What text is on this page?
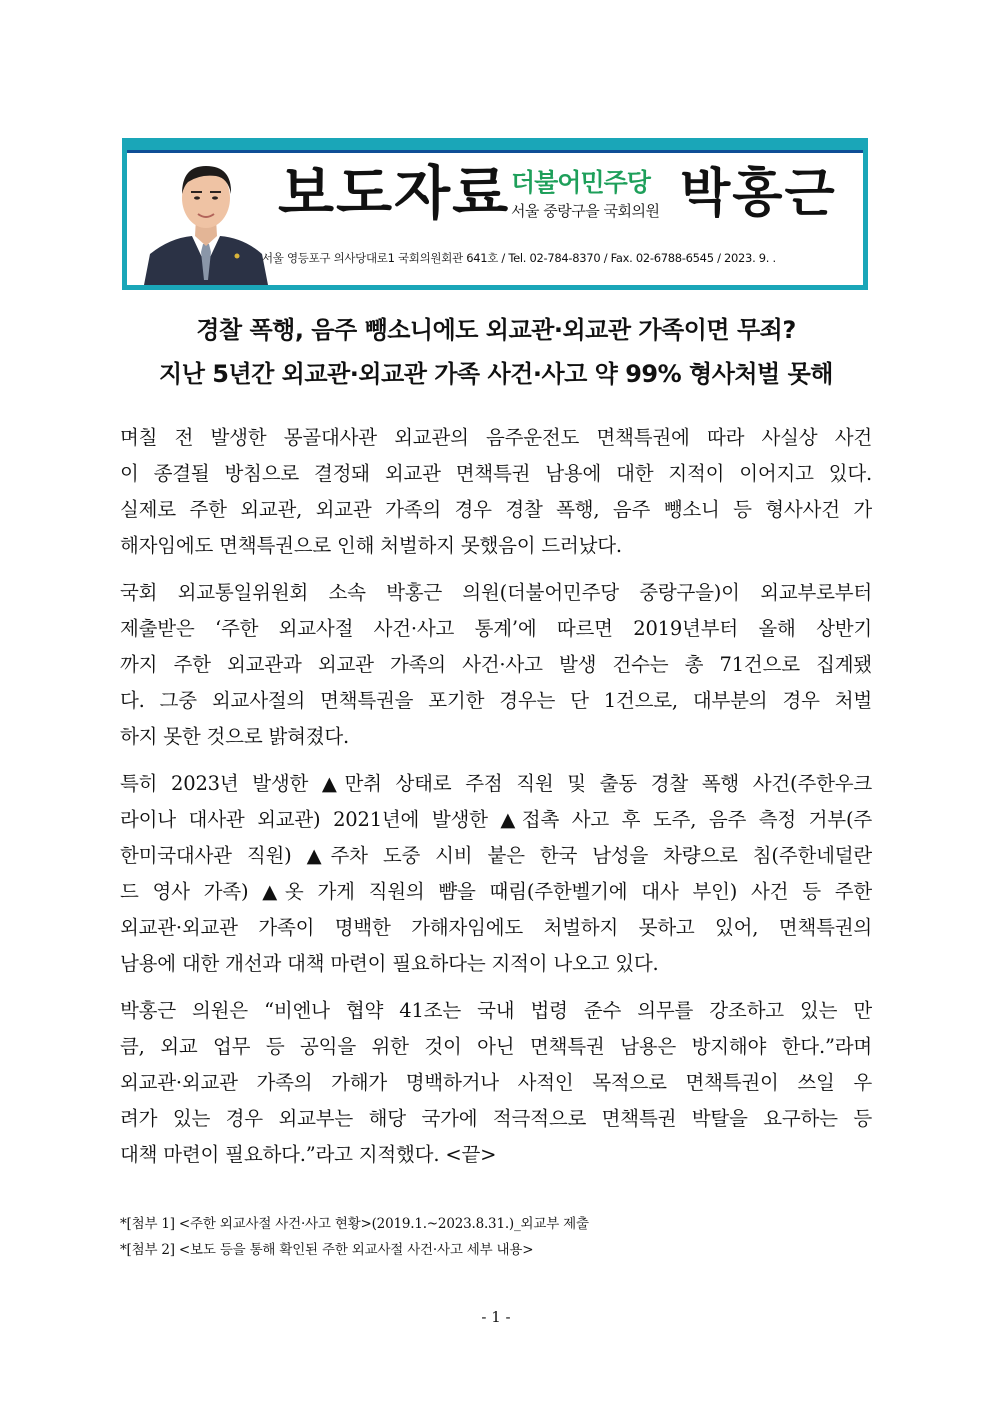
보도자료 더불어민주당
서울 중랑구을 국회의원 박홍근
서울 영등포구 의사당대로1 국회의원회관 641호 / Tel. 02-784-8370 / Fax. 02-6788-6545 / 2023. 9. .
경찰 폭행, 음주 뺑소니에도 외교관·외교관 가족이면 무죄?
지난 5년간 외교관·외교관 가족 사건·사고 약 99% 형사처벌 못해
며칠 전 발생한 몽골대사관 외교관의 음주운전도 면책특권에 따라 사실상 사건
이 종결될 방침으로 결정돼 외교관 면책특권 남용에 대한 지적이 이어지고 있다.
실제로 주한 외교관, 외교관 가족의 경우 경찰 폭행, 음주 뺑소니 등 형사사건 가
해자임에도 면책특권으로 인해 처벌하지 못했음이 드러났다.
국회 외교통일위원회 소속 박홍근 의원(더불어민주당 중랑구을)이 외교부로부터
제출받은 ‘주한 외교사절 사건·사고 통계’에 따르면 2019년부터 올해 상반기
까지 주한 외교관과 외교관 가족의 사건·사고 발생 건수는 총 71건으로 집계됐
다. 그중 외교사절의 면책특권을 포기한 경우는 단 1건으로, 대부분의 경우 처벌
하지 못한 것으로 밝혀졌다.
특히 2023년 발생한 ▲만취 상태로 주점 직원 및 출동 경찰 폭행 사건(주한우크
라이나 대사관 외교관) 2021년에 발생한 ▲접촉 사고 후 도주, 음주 측정 거부(주
한미국대사관 직원) ▲주차 도중 시비 붙은 한국 남성을 차량으로 침(주한네덜란
드 영사 가족) ▲옷 가게 직원의 뺨을 때림(주한벨기에 대사 부인) 사건 등 주한
외교관·외교관 가족이 명백한 가해자임에도 처벌하지 못하고 있어, 면책특권의
남용에 대한 개선과 대책 마련이 필요하다는 지적이 나오고 있다.
박홍근 의원은 “비엔나 협약 41조는 국내 법령 준수 의무를 강조하고 있는 만
큼, 외교 업무 등 공익을 위한 것이 아닌 면책특권 남용은 방지해야 한다.”라며
외교관·외교관 가족의 가해가 명백하거나 사적인 목적으로 면책특권이 쓰일 우
려가 있는 경우 외교부는 해당 국가에 적극적으로 면책특권 박탈을 요구하는 등
대책 마련이 필요하다.”라고 지적했다. <끝>
*[첨부 1] <주한 외교사절 사건·사고 현황>(2019.1.~2023.8.31.)_외교부 제출
*[첨부 2] <보도 등을 통해 확인된 주한 외교사절 사건·사고 세부 내용>
- 1 -
